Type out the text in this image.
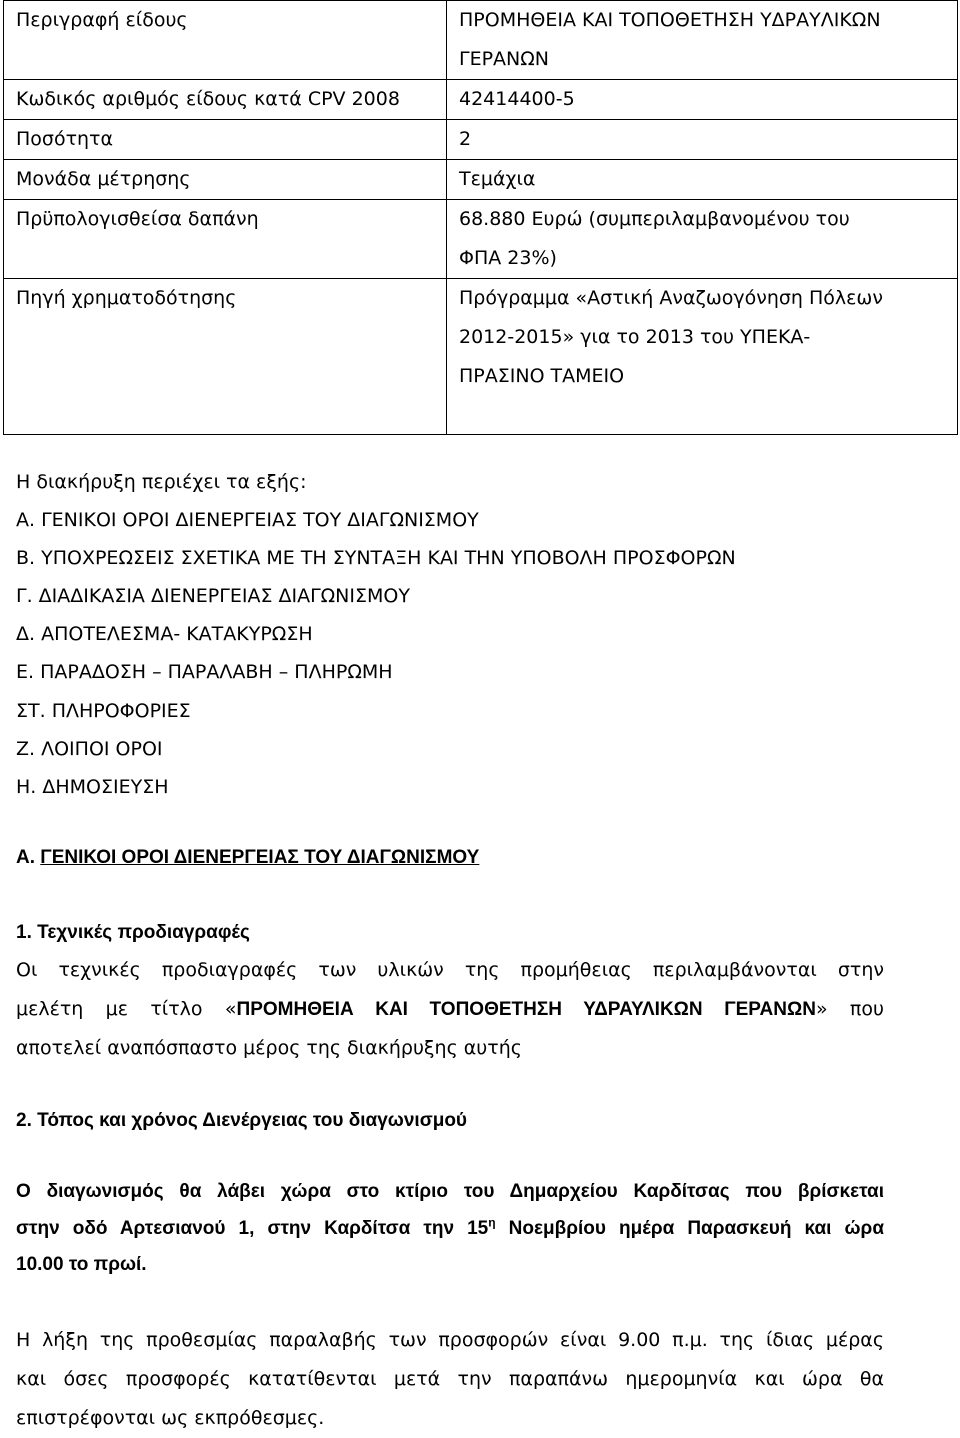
Περιγραφή είδους	ΠΡΟΜΗΘΕΙΑ ΚΑΙ ΤΟΠΟΘΕΤΗΣΗ ΥΔΡΑΥΛΙΚΩΝ
ΓΕΡΑΝΩΝ

Κωδικός αριθμός είδους κατά CPV 2008	42414400-5
Ποσότητα	2
Μονάδα μέτρησης	Τεμάχια
Πρϋπολογισθείσα δαπάνη	68.880 Ευρώ (συμπεριλαμβανομένου του
ΦΠΑ 23%)

Πηγή χρηματοδότησης	Πρόγραμμα «Αστική Αναζωογόνηση Πόλεων
2012-2015» για το 2013 του ΥΠΕΚΑ-
ΠΡΑΣΙΝΟ ΤΑΜΕΙΟ
Η διακήρυξη περιέχει τα εξής:
Α. ΓΕΝΙΚΟΙ ΟΡΟΙ ΔΙΕΝΕΡΓΕΙΑΣ ΤΟΥ ΔΙΑΓΩΝΙΣΜΟΥ
Β. ΥΠΟΧΡΕΩΣΕΙΣ ΣΧΕΤΙΚΑ ΜΕ ΤΗ ΣΥΝΤΑΞΗ ΚΑΙ ΤΗΝ ΥΠΟΒΟΛΗ ΠΡΟΣΦΟΡΩΝ
Γ. ΔΙΑΔΙΚΑΣΙΑ ΔΙΕΝΕΡΓΕΙΑΣ ΔΙΑΓΩΝΙΣΜΟΥ
Δ. ΑΠΟΤΕΛΕΣΜΑ- ΚΑΤΑΚΥΡΩΣΗ
Ε. ΠΑΡΑΔΟΣΗ – ΠΑΡΑΛΑΒΗ – ΠΛΗΡΩΜΗ
ΣΤ. ΠΛΗΡΟΦΟΡΙΕΣ
Ζ. ΛΟΙΠΟΙ ΟΡΟΙ
Η. ΔΗΜΟΣΙΕΥΣΗ
Α. ΓΕΝΙΚΟΙ ΟΡΟΙ ΔΙΕΝΕΡΓΕΙΑΣ ΤΟΥ ΔΙΑΓΩΝΙΣΜΟΥ
1. Τεχνικές προδιαγραφές
Οι τεχνικές προδιαγραφές των υλικών της προμήθειας περιλαμβάνονται στην
μελέτη με τίτλο «ΠΡΟΜΗΘΕΙΑ ΚΑΙ ΤΟΠΟΘΕΤΗΣΗ ΥΔΡΑΥΛΙΚΩΝ ΓΕΡΑΝΩΝ» που
αποτελεί αναπόσπαστο μέρος της διακήρυξης αυτής
2. Τόπος και χρόνος Διενέργειας του διαγωνισμού
Ο διαγωνισμός θα λάβει χώρα στο κτίριο του Δημαρχείου Καρδίτσας που βρίσκεται
στην οδό Αρτεσιανού 1, στην Καρδίτσα την $15^\eta$ Νοεμβρίου ημέρα Παρασκευή και ώρα
10.00 το πρωί.
Η λήξη της προθεσμίας παραλαβής των προσφορών είναι 9.00 π.μ. της ίδιας μέρας
και όσες προσφορές κατατίθενται μετά την παραπάνω ημερομηνία και ώρα θα
επιστρέφονται ως εκπρόθεσμες.
